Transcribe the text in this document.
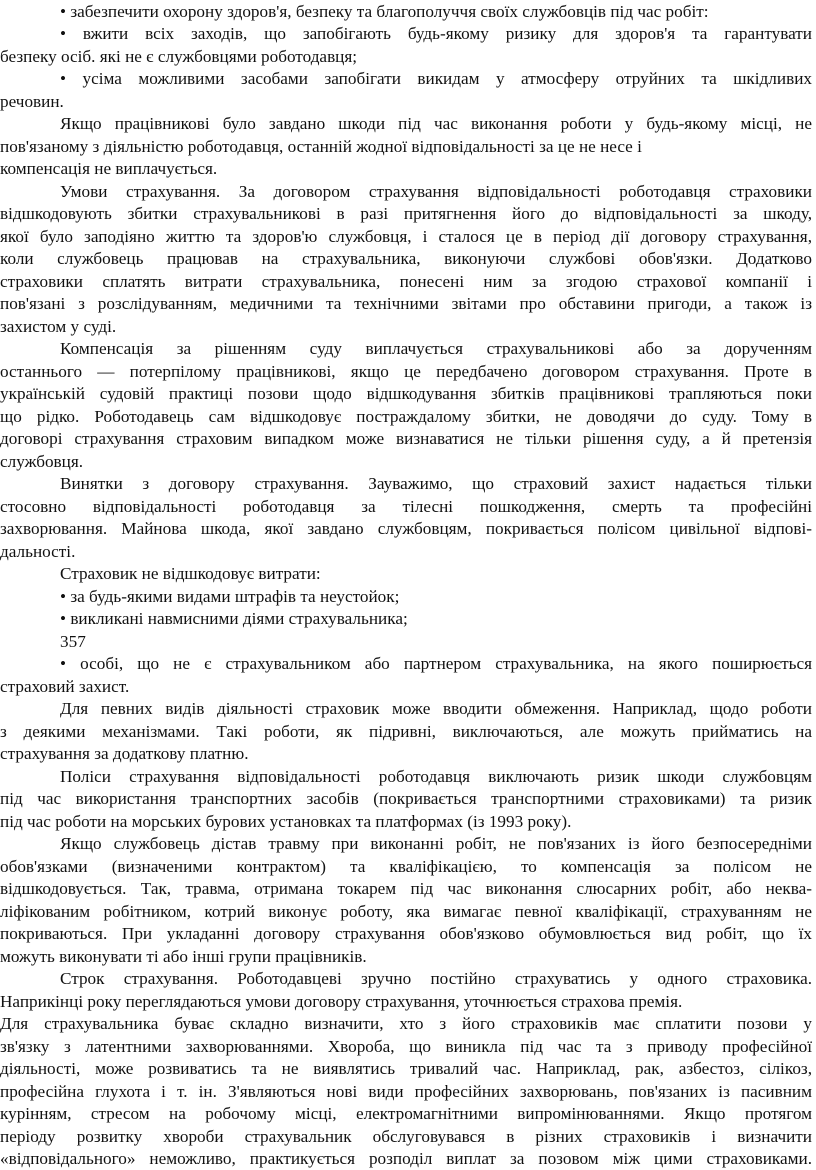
• забезпечити охорону здоров'я, безпеку та благополуччя своїх службовців під час робіт:
• вжити всіх заходів, що запобігають будь-якому ризику для здоров'я та гарантувати
безпеку осіб. які не є службовцями роботодавця;
• усіма можливими засобами запобігати викидам у атмосферу отруйних та шкідливих
речовин.
Якщо працівникові було завдано шкоди під час виконання роботи у будь-якому місці, не
пов'язаному з діяльністю роботодавця, останній жодної відповідальності за це не несе і
компенсація не виплачується.
Умови страхування. За договором страхування відповідальності роботодавця страховики
відшкодовують збитки страхувальникові в разі притягнення його до відповідальності за шкоду,
якої було заподіяно життю та здоров'ю службовця, і сталося це в період дії договору страхування,
коли службовець працював на страхувальника, виконуючи службові обов'язки. Додатково
страховики сплатять витрати страхувальника, понесені ним за згодою страхової компанії і
пов'язані з розслідуванням, медичними та технічними звітами про обставини пригоди, а також із
захистом у суді.
Компенсація за рішенням суду виплачується страхувальникові або за дорученням
останнього — потерпілому працівникові, якщо це передбачено договором страхування. Проте в
українській судовій практиці позови щодо відшкодування збитків працівникові трапляються поки
що рідко. Роботодавець сам відшкодовує постраждалому збитки, не доводячи до суду. Тому в
договорі страхування страховим випадком може визнаватися не тільки рішення суду, а й претензія
службовця.
Винятки з договору страхування. Зауважимо, що страховий захист надається тільки
стосовно відповідальності роботодавця за тілесні пошкодження, смерть та професійні
захворювання. Майнова шкода, якої завдано службовцям, покривається полісом цивільної відпові-
дальності.
Страховик не відшкодовує витрати:
• за будь-якими видами штрафів та неустойок;
• викликані навмисними діями страхувальника;
357
• особі, що не є страхувальником або партнером страхувальника, на якого поширюється
страховий захист.
Для певних видів діяльності страховик може вводити обмеження. Наприклад, щодо роботи
з деякими механізмами. Такі роботи, як підривні, виключаються, але можуть прийматись на
страхування за додаткову платню.
Поліси страхування відповідальності роботодавця виключають ризик шкоди службовцям
під час використання транспортних засобів (покривається транспортними страховиками) та ризик
під час роботи на морських бурових установках та платформах (із 1993 року).
Якщо службовець дістав травму при виконанні робіт, не пов'язаних із його безпосередніми
обов'язками (визначеними контрактом) та кваліфікацією, то компенсація за полісом не
відшкодовується. Так, травма, отримана токарем під час виконання слюсарних робіт, або неква-
ліфікованим робітником, котрий виконує роботу, яка вимагає певної кваліфікації, страхуванням не
покриваються. При укладанні договору страхування обов'язково обумовлюється вид робіт, що їх
можуть виконувати ті або інші групи працівників.
Строк страхування. Роботодавцеві зручно постійно страхуватись у одного страховика.
Наприкінці року переглядаються умови договору страхування, уточнюється страхова премія.
Для страхувальника буває складно визначити, хто з його страховиків має сплатити позови у
зв'язку з латентними захворюваннями. Хвороба, що виникла під час та з приводу професійної
діяльності, може розвиватись та не виявлятись тривалий час. Наприклад, рак, азбестоз, сілікоз,
професійна глухота і т. ін. З'являються нові види професійних захворювань, пов'язаних із пасивним
курінням, стресом на робочому місці, електромагнітними випромінюваннями. Якщо протягом
періоду розвитку хвороби страхувальник обслуговувався в різних страховиків і визначити
«відповідального» неможливо, практикується розподіл виплат за позовом між цими страховиками.
